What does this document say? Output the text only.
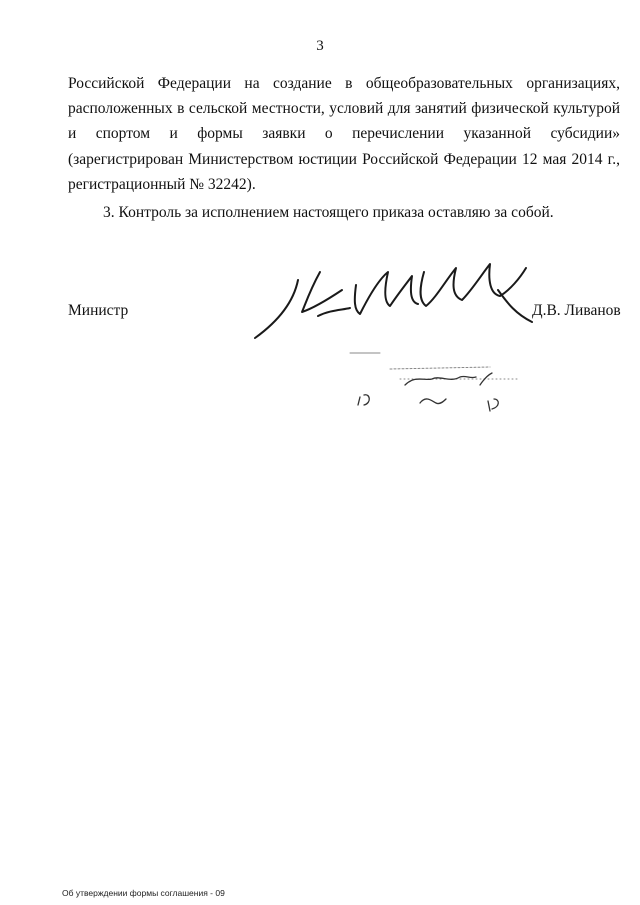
3
Российской Федерации на создание в общеобразовательных организациях,
расположенных в сельской местности, условий для занятий физической культурой
и спортом и формы заявки о перечислении указанной субсидии»
(зарегистрирован Министерством юстиции Российской Федерации 12 мая 2014 г.,
регистрационный № 32242).
3. Контроль за исполнением настоящего приказа оставляю за собой.
Министр	Д.В. Ливанов
Об утверждении формы соглашения - 09
